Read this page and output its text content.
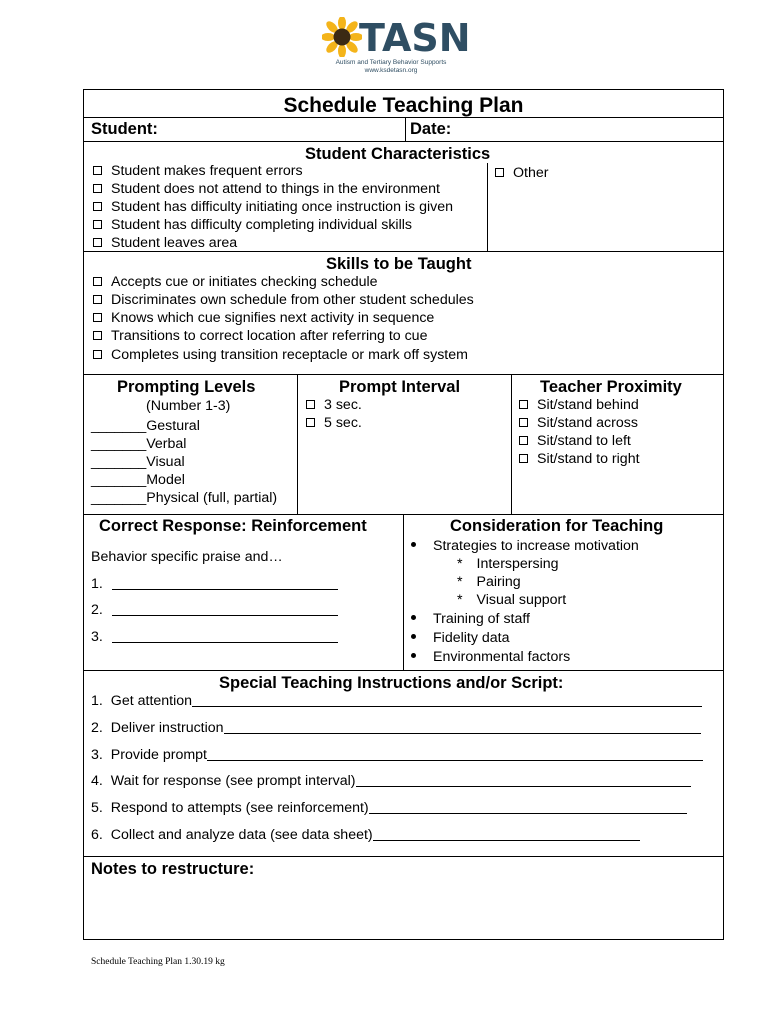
TASN
Autism and Tertiary Behavior Supports
www.ksdetasn.org
Schedule Teaching Plan
Student:	Date:
Student Characteristics
Student makes frequent errors
Student does not attend to things in the environment
Student has difficulty initiating once instruction is given
Student has difficulty completing individual skills
Student leaves area
Other
Skills to be Taught
Accepts cue or initiates checking schedule
Discriminates own schedule from other student schedules
Knows which cue signifies next activity in sequence
Transitions to correct location after referring to cue
Completes using transition receptacle or mark off system
Prompting Levels
(Number 1-3)
_______Gestural
_______Verbal
_______Visual
_______Model
_______Physical (full, partial)
Prompt Interval
3 sec.
5 sec.
Teacher Proximity
Sit/stand behind
Sit/stand across
Sit/stand to left
Sit/stand to right
Correct Response: Reinforcement
Behavior specific praise and…
1.
2.
3.
Consideration for Teaching
Strategies to increase motivation
* Interspersing
* Pairing
* Visual support
Training of staff
Fidelity data
Environmental factors
Special Teaching Instructions and/or Script:
1. Get attention
2. Deliver instruction
3. Provide prompt
4. Wait for response (see prompt interval)
5. Respond to attempts (see reinforcement)
6. Collect and analyze data (see data sheet)
Notes to restructure:
Schedule Teaching Plan 1.30.19 kg
